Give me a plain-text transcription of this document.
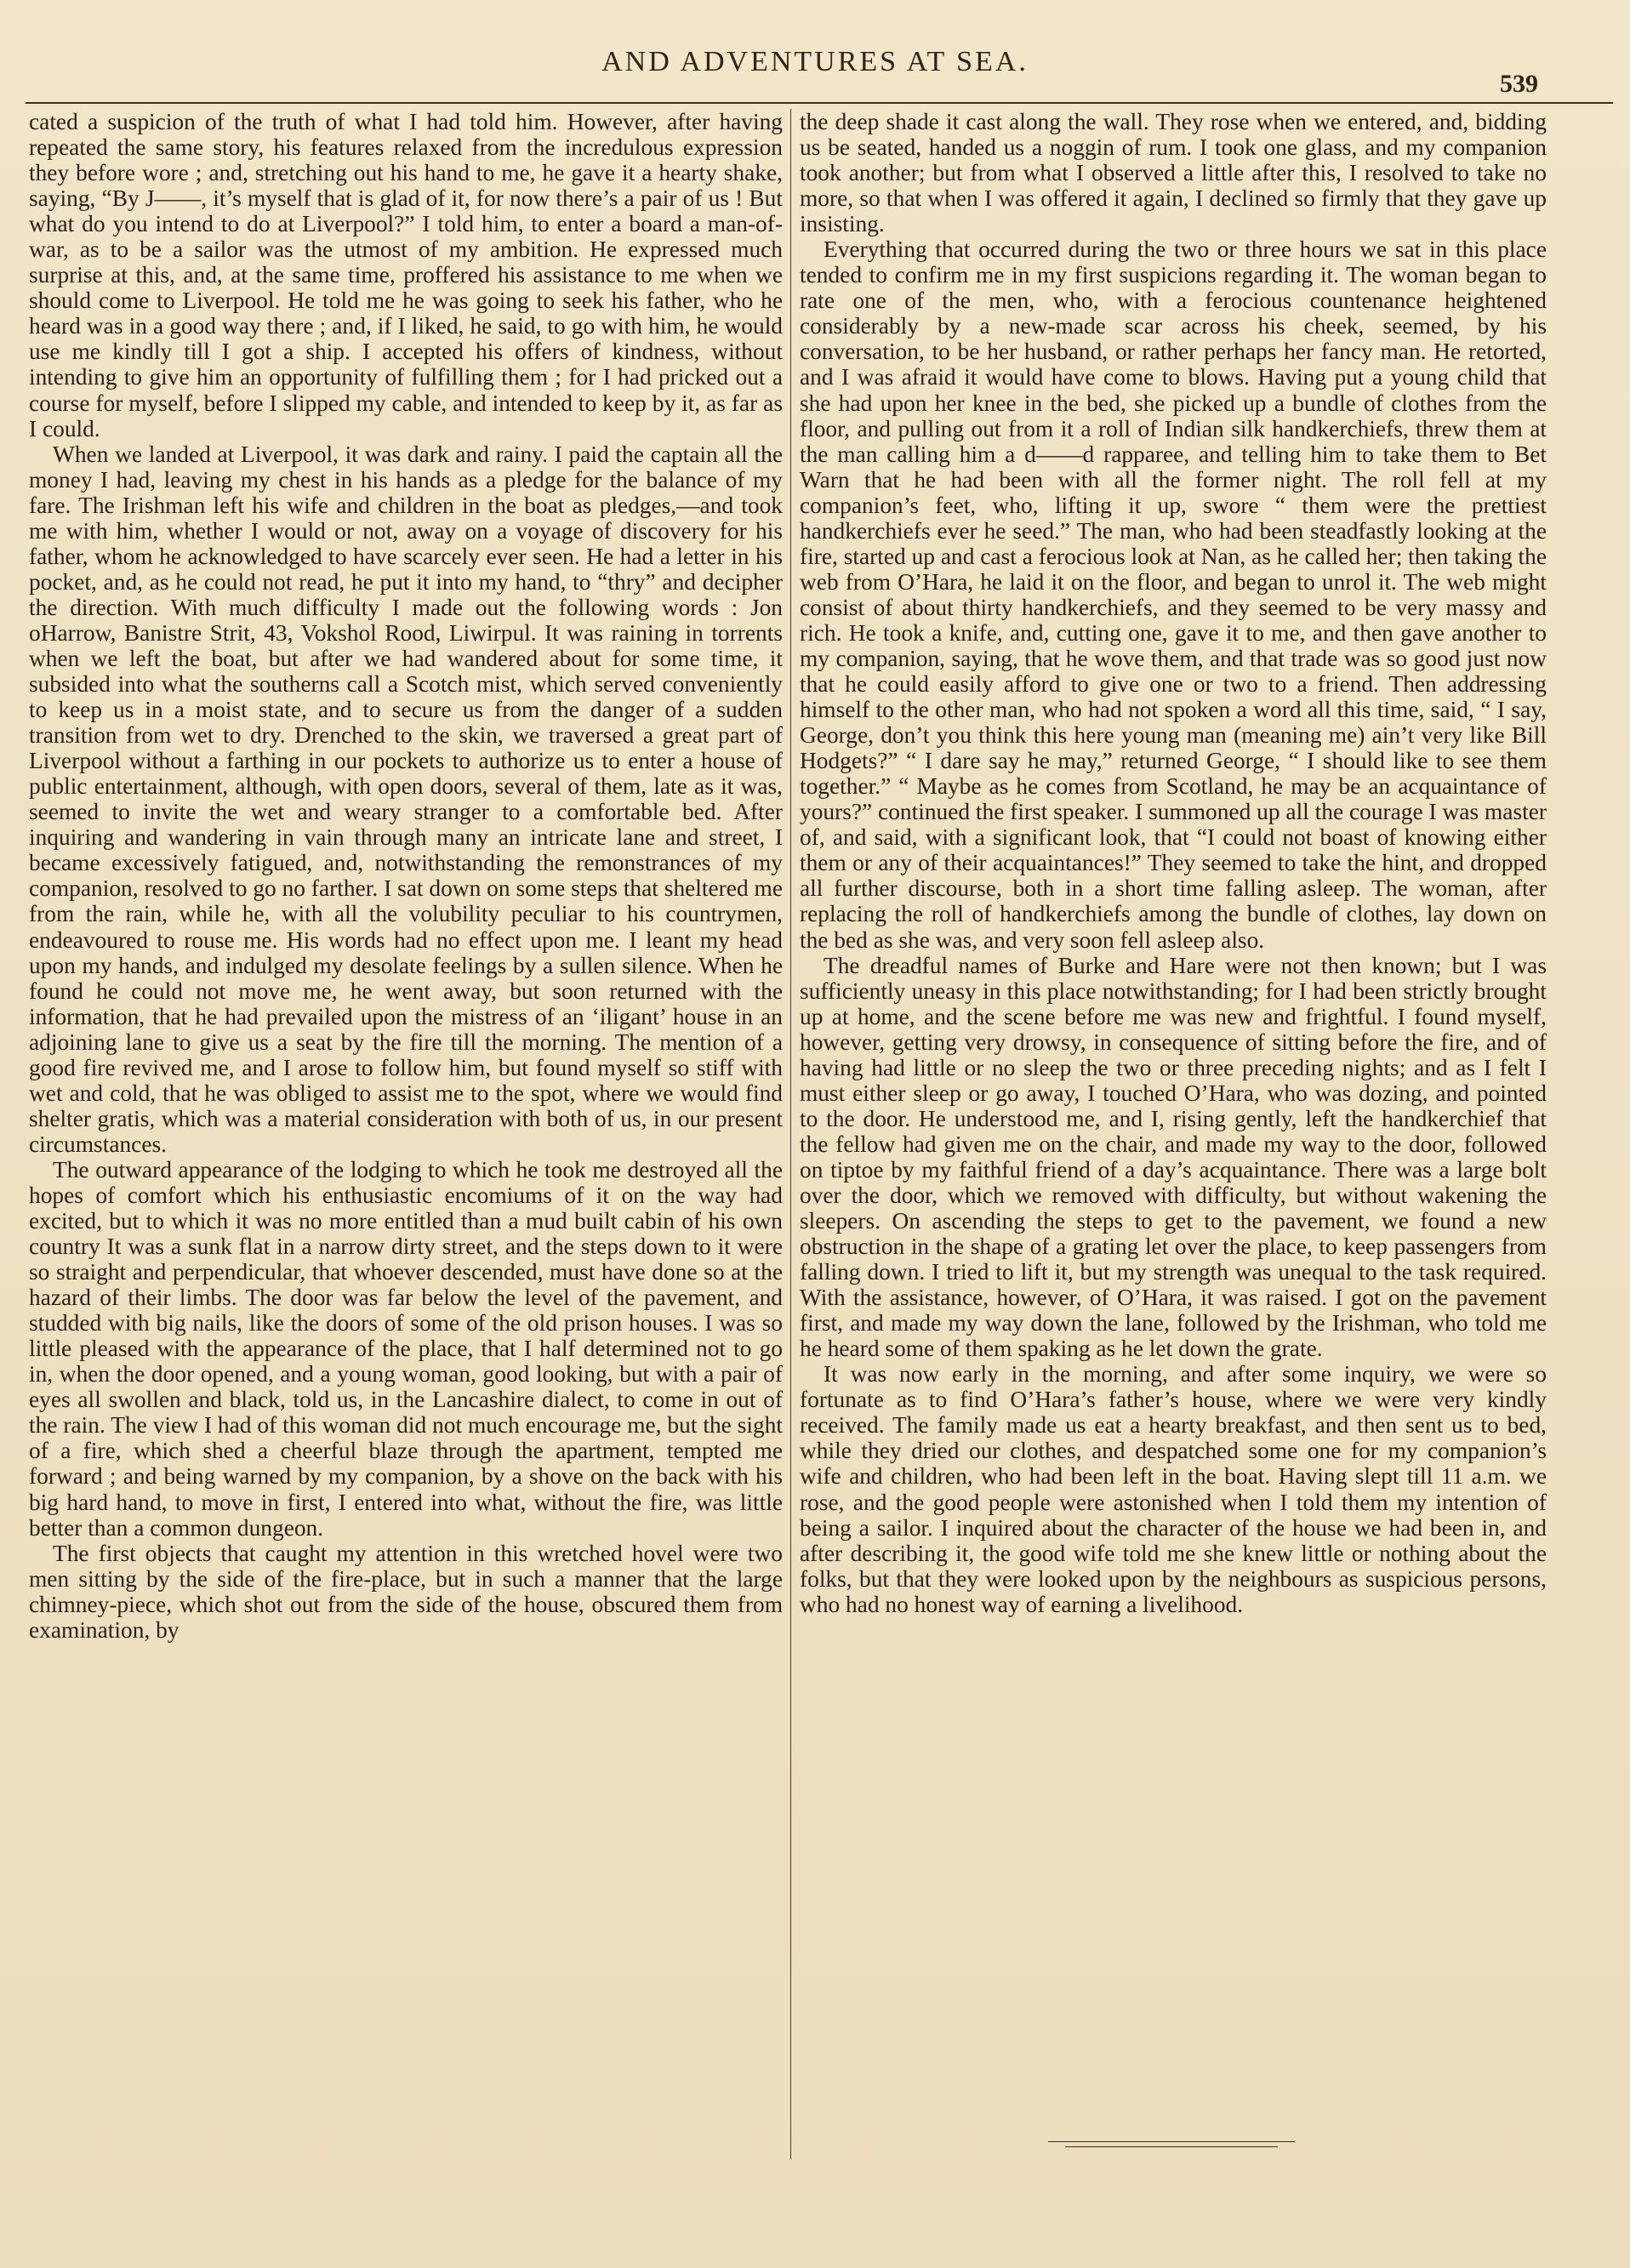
AND ADVENTURES AT SEA.
539

cated a suspicion of the truth of what I had told him. However, after having repeated the same story, his features relaxed from the incredulous expression they before wore ; and, stretching out his hand to me, he gave it a hearty shake, saying, “By J——, it’s myself that is glad of it, for now there’s a pair of us ! But what do you intend to do at Liverpool?” I told him, to enter a board a man-of-war, as to be a sailor was the utmost of my ambition. He expressed much surprise at this, and, at the same time, proffered his assistance to me when we should come to Liverpool. He told me he was going to seek his father, who he heard was in a good way there ; and, if I liked, he said, to go with him, he would use me kindly till I got a ship. I accepted his offers of kindness, without intending to give him an opportunity of fulfilling them ; for I had pricked out a course for myself, before I slipped my cable, and intended to keep by it, as far as I could.

When we landed at Liverpool, it was dark and rainy. I paid the captain all the money I had, leaving my chest in his hands as a pledge for the balance of my fare. The Irishman left his wife and children in the boat as pledges,—and took me with him, whether I would or not, away on a voyage of discovery for his father, whom he acknowledged to have scarcely ever seen. He had a letter in his pocket, and, as he could not read, he put it into my hand, to “thry” and decipher the direction. With much difficulty I made out the following words : Jon oHarrow, Banistre Strit, 43, Vokshol Rood, Liwirpul. It was raining in torrents when we left the boat, but after we had wandered about for some time, it subsided into what the southerns call a Scotch mist, which served conveniently to keep us in a moist state, and to secure us from the danger of a sudden transition from wet to dry. Drenched to the skin, we traversed a great part of Liverpool without a farthing in our pockets to authorize us to enter a house of public entertainment, although, with open doors, several of them, late as it was, seemed to invite the wet and weary stranger to a comfortable bed. After inquiring and wandering in vain through many an intricate lane and street, I became excessively fatigued, and, notwithstanding the remonstrances of my companion, resolved to go no farther. I sat down on some steps that sheltered me from the rain, while he, with all the volubility peculiar to his countrymen, endeavoured to rouse me. His words had no effect upon me. I leant my head upon my hands, and indulged my desolate feelings by a sullen silence. When he found he could not move me, he went away, but soon returned with the information, that he had prevailed upon the mistress of an ‘iligant’ house in an adjoining lane to give us a seat by the fire till the morning. The mention of a good fire revived me, and I arose to follow him, but found myself so stiff with wet and cold, that he was obliged to assist me to the spot, where we would find shelter gratis, which was a material consideration with both of us, in our present circumstances.

The outward appearance of the lodging to which he took me destroyed all the hopes of comfort which his enthusiastic encomiums of it on the way had excited, but to which it was no more entitled than a mud built cabin of his own country It was a sunk flat in a narrow dirty street, and the steps down to it were so straight and perpendicular, that whoever descended, must have done so at the hazard of their limbs. The door was far below the level of the pavement, and studded with big nails, like the doors of some of the old prison houses. I was so little pleased with the appearance of the place, that I half determined not to go in, when the door opened, and a young woman, good looking, but with a pair of eyes all swollen and black, told us, in the Lancashire dialect, to come in out of the rain. The view I had of this woman did not much encourage me, but the sight of a fire, which shed a cheerful blaze through the apartment, tempted me forward ; and being warned by my companion, by a shove on the back with his big hard hand, to move in first, I entered into what, without the fire, was little better than a common dungeon.

The first objects that caught my attention in this wretched hovel were two men sitting by the side of the fire-place, but in such a manner that the large chimney-piece, which shot out from the side of the house, obscured them from examination, by

the deep shade it cast along the wall. They rose when we entered, and, bidding us be seated, handed us a noggin of rum. I took one glass, and my companion took another; but from what I observed a little after this, I resolved to take no more, so that when I was offered it again, I declined so firmly that they gave up insisting.

Everything that occurred during the two or three hours we sat in this place tended to confirm me in my first suspicions regarding it. The woman began to rate one of the men, who, with a ferocious countenance heightened considerably by a new-made scar across his cheek, seemed, by his conversation, to be her husband, or rather perhaps her fancy man. He retorted, and I was afraid it would have come to blows. Having put a young child that she had upon her knee in the bed, she picked up a bundle of clothes from the floor, and pulling out from it a roll of Indian silk handkerchiefs, threw them at the man calling him a d——d rapparee, and telling him to take them to Bet Warn that he had been with all the former night. The roll fell at my companion’s feet, who, lifting it up, swore “ them were the prettiest handkerchiefs ever he seed.” The man, who had been steadfastly looking at the fire, started up and cast a ferocious look at Nan, as he called her; then taking the web from O’Hara, he laid it on the floor, and began to unrol it. The web might consist of about thirty handkerchiefs, and they seemed to be very massy and rich. He took a knife, and, cutting one, gave it to me, and then gave another to my companion, saying, that he wove them, and that trade was so good just now that he could easily afford to give one or two to a friend. Then addressing himself to the other man, who had not spoken a word all this time, said, “ I say, George, don’t you think this here young man (meaning me) ain’t very like Bill Hodgets?” “ I dare say he may,” returned George, “ I should like to see them together.” “ Maybe as he comes from Scotland, he may be an acquaintance of yours?” continued the first speaker. I summoned up all the courage I was master of, and said, with a significant look, that “I could not boast of knowing either them or any of their acquaintances!” They seemed to take the hint, and dropped all further discourse, both in a short time falling asleep. The woman, after replacing the roll of handkerchiefs among the bundle of clothes, lay down on the bed as she was, and very soon fell asleep also.

The dreadful names of Burke and Hare were not then known; but I was sufficiently uneasy in this place notwithstanding; for I had been strictly brought up at home, and the scene before me was new and frightful. I found myself, however, getting very drowsy, in consequence of sitting before the fire, and of having had little or no sleep the two or three preceding nights; and as I felt I must either sleep or go away, I touched O’Hara, who was dozing, and pointed to the door. He understood me, and I, rising gently, left the handkerchief that the fellow had given me on the chair, and made my way to the door, followed on tiptoe by my faithful friend of a day’s acquaintance. There was a large bolt over the door, which we removed with difficulty, but without wakening the sleepers. On ascending the steps to get to the pavement, we found a new obstruction in the shape of a grating let over the place, to keep passengers from falling down. I tried to lift it, but my strength was unequal to the task required. With the assistance, however, of O’Hara, it was raised. I got on the pavement first, and made my way down the lane, followed by the Irishman, who told me he heard some of them spaking as he let down the grate.

It was now early in the morning, and after some inquiry, we were so fortunate as to find O’Hara’s father’s house, where we were very kindly received. The family made us eat a hearty breakfast, and then sent us to bed, while they dried our clothes, and despatched some one for my companion’s wife and children, who had been left in the boat. Having slept till 11 a.m. we rose, and the good people were astonished when I told them my intention of being a sailor. I inquired about the character of the house we had been in, and after describing it, the good wife told me she knew little or nothing about the folks, but that they were looked upon by the neighbours as suspicious persons, who had no honest way of earning a livelihood.
